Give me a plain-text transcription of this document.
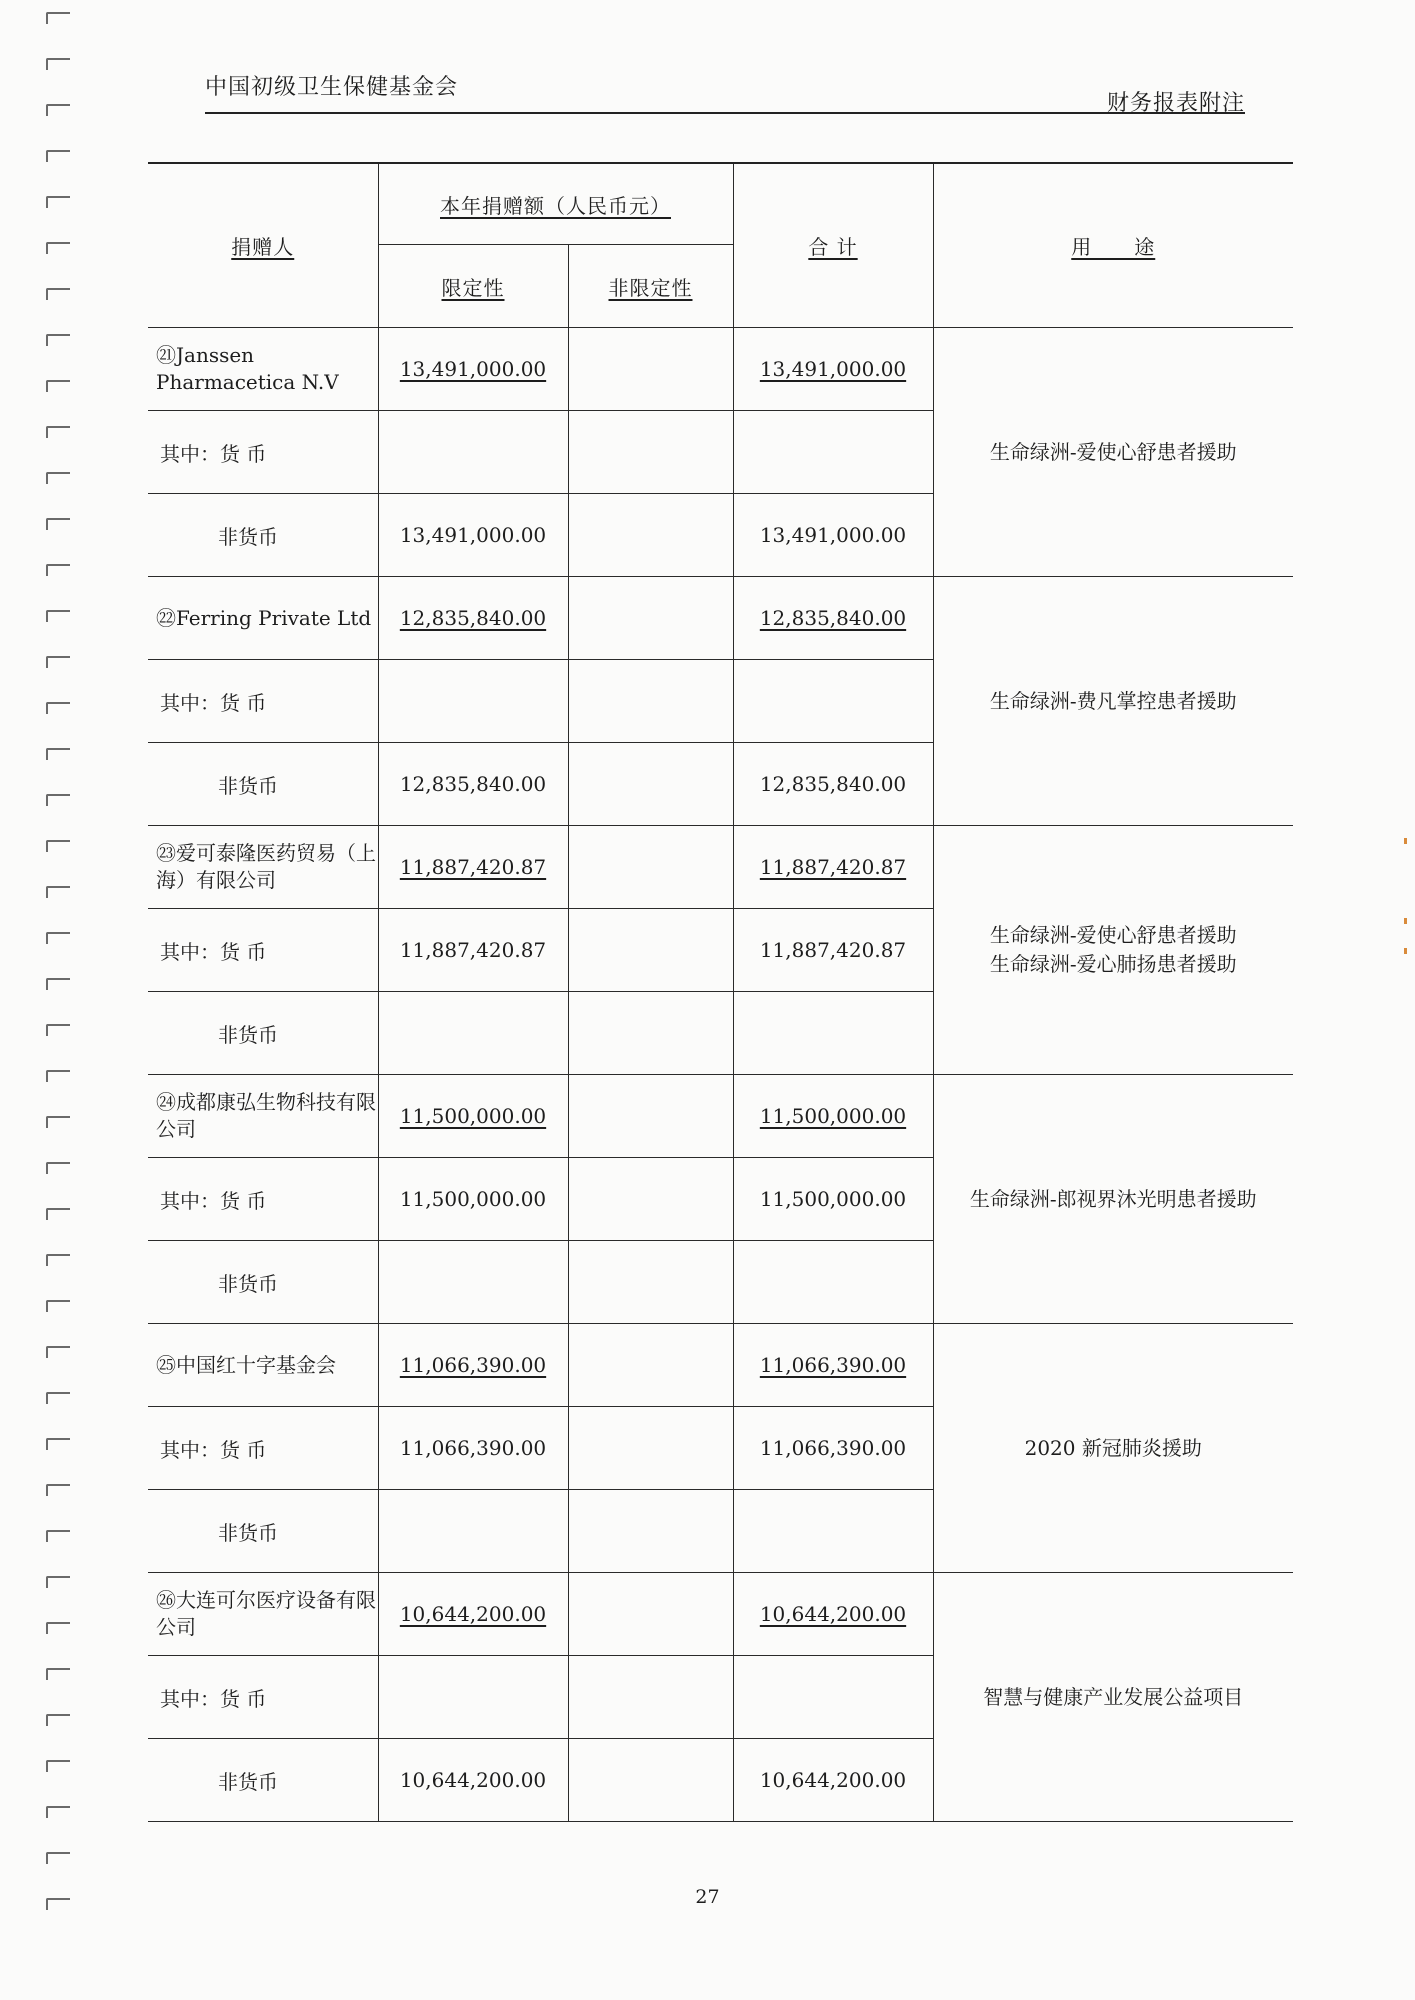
中国初级卫生保健基金会
财务报表附注
捐赠人	本年捐赠额（人民币元）		合 计	用　　途
	限定性	非限定性		
㉑Janssen Pharmacetica N.V	13,491,000.00		13,491,000.00	生命绿洲-爱使心舒患者援助
其中：货 币				
非货币	13,491,000.00		13,491,000.00	
㉒Ferring Private Ltd	12,835,840.00		12,835,840.00	生命绿洲-费凡掌控患者援助
其中：货 币				
非货币	12,835,840.00		12,835,840.00	
㉓爱可泰隆医药贸易（上海）有限公司	11,887,420.87		11,887,420.87	生命绿洲-爱使心舒患者援助
生命绿洲-爱心肺扬患者援助
其中：货 币	11,887,420.87		11,887,420.87	
非货币				
㉔成都康弘生物科技有限公司	11,500,000.00		11,500,000.00	生命绿洲-郎视界沐光明患者援助
其中：货 币	11,500,000.00		11,500,000.00	
非货币				
㉕中国红十字基金会	11,066,390.00		11,066,390.00	2020 新冠肺炎援助
其中：货 币	11,066,390.00		11,066,390.00	
非货币				
㉖大连可尔医疗设备有限公司	10,644,200.00		10,644,200.00	智慧与健康产业发展公益项目
其中：货 币				
非货币	10,644,200.00		10,644,200.00	
27
